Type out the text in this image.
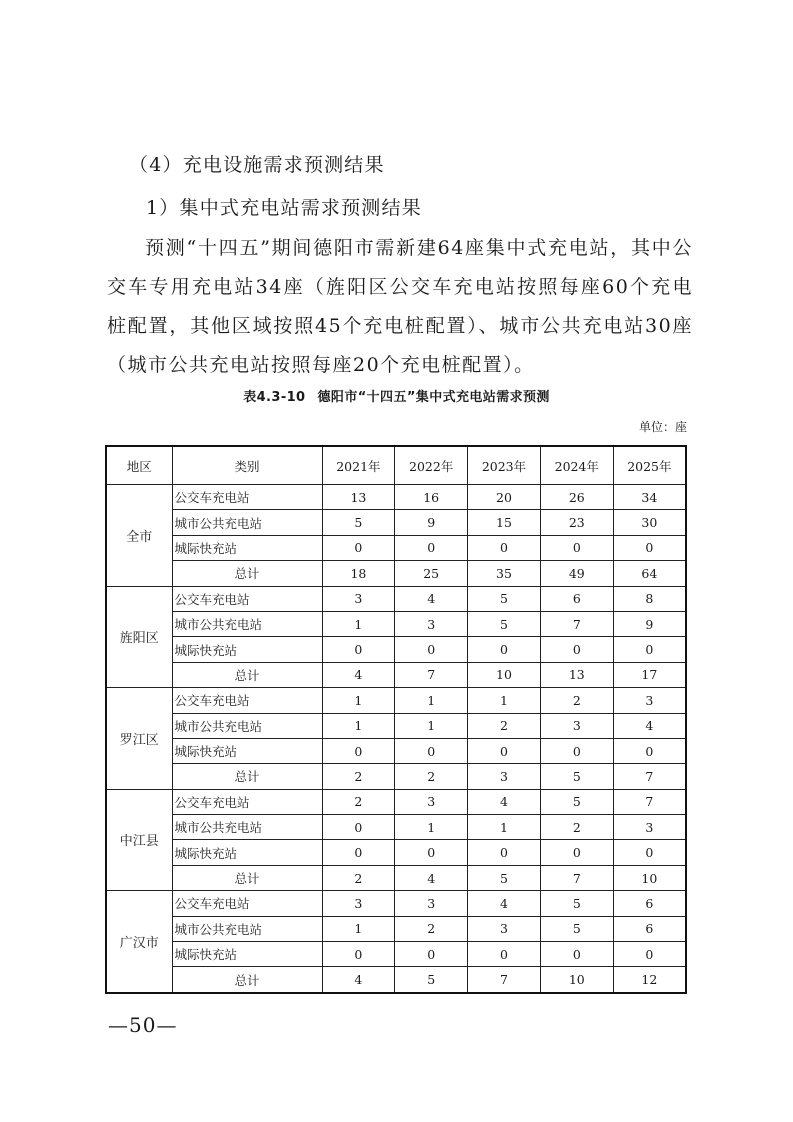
（4）充电设施需求预测结果

1）集中式充电站需求预测结果

预测“十四五”期间德阳市需新建64座集中式充电站，其中公交车专用充电站34座（旌阳区公交车充电站按照每座60个充电桩配置，其他区域按照45个充电桩配置）、城市公共充电站30座（城市公共充电站按照每座20个充电桩配置）。

表4.3-10 德阳市“十四五”集中式充电站需求预测
单位：座
地区	类别	2021年	2022年	2023年	2024年	2025年
全市	公交车充电站	13	16	20	26	34
	城市公共充电站	5	9	15	23	30
	城际快充站	0	0	0	0	0
	总计	18	25	35	49	64
旌阳区	公交车充电站	3	4	5	6	8
	城市公共充电站	1	3	5	7	9
	城际快充站	0	0	0	0	0
	总计	4	7	10	13	17
罗江区	公交车充电站	1	1	1	2	3
	城市公共充电站	1	1	2	3	4
	城际快充站	0	0	0	0	0
	总计	2	2	3	5	7
中江县	公交车充电站	2	3	4	5	7
	城市公共充电站	0	1	1	2	3
	城际快充站	0	0	0	0	0
	总计	2	4	5	7	10
广汉市	公交车充电站	3	3	4	5	6
	城市公共充电站	1	2	3	5	6
	城际快充站	0	0	0	0	0
	总计	4	5	7	10	12
—50—
